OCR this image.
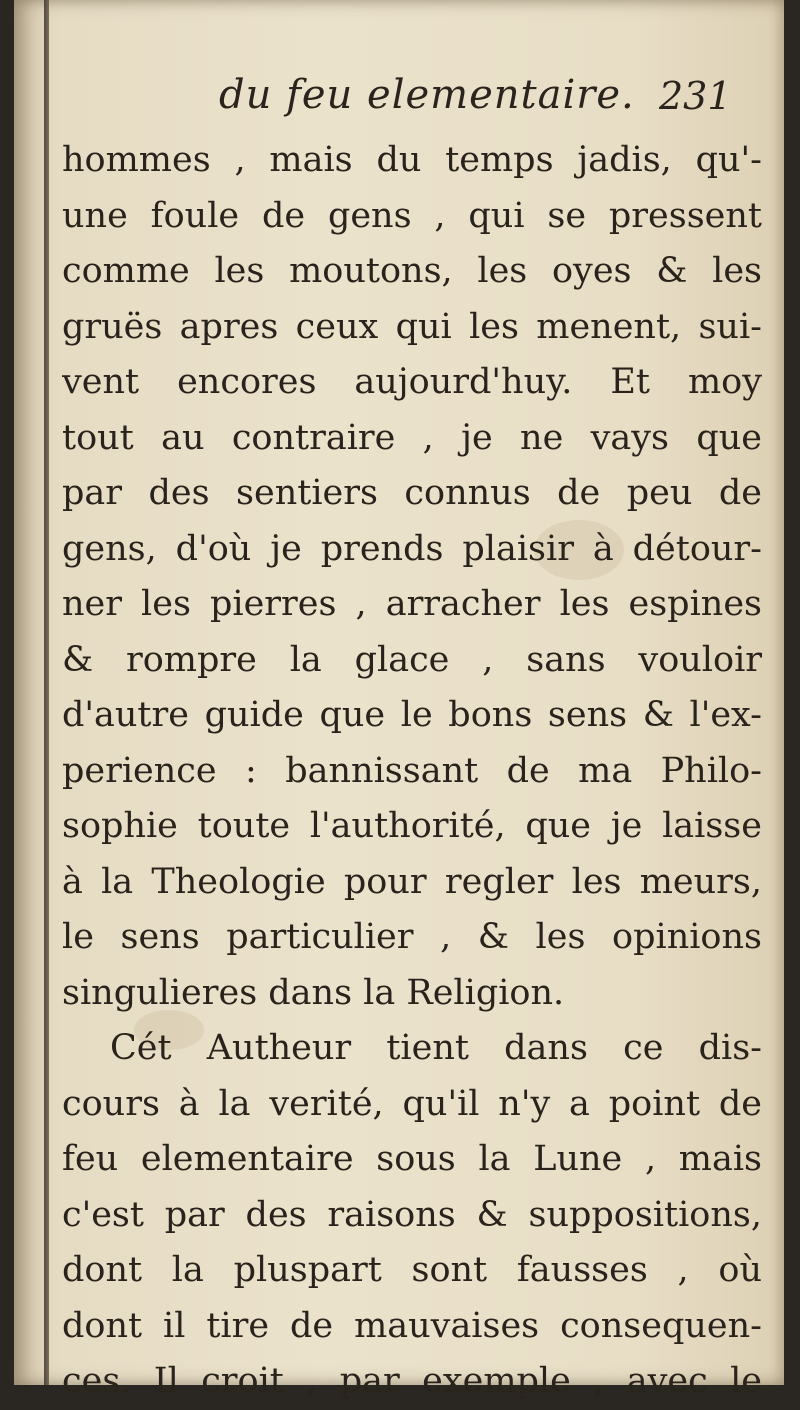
du feu elementaire. 231
hommes , mais du temps jadis, qu'-
une foule de gens , qui se pressent
comme les moutons, les oyes & les
gruës apres ceux qui les menent, sui-
vent encores aujourd'huy. Et moy
tout au contraire , je ne vays que
par des sentiers connus de peu de
gens, d'où je prends plaisir à détour-
ner les pierres , arracher les espines
& rompre la glace , sans vouloir
d'autre guide que le bons sens & l'ex-
perience : bannissant de ma Philo-
sophie toute l'authorité, que je laisse
à la Theologie pour regler les meurs,
le sens particulier , & les opinions
singulieres dans la Religion.
Cét Autheur tient dans ce dis-
cours à la verité, qu'il n'y a point de
feu elementaire sous la Lune , mais
c'est par des raisons & suppositions,
dont la pluspart sont fausses , où
dont il tire de mauvaises consequen-
ces. Il croit , par exemple , avec le
